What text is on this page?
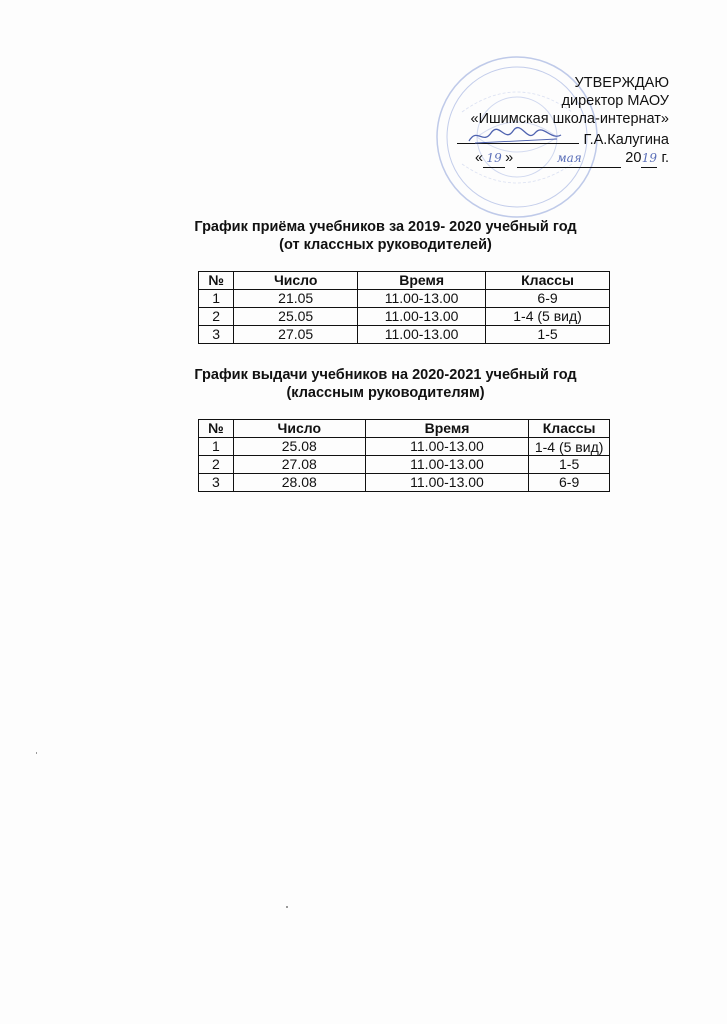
УТВЕРЖДАЮ
директор МАОУ
«Ишимская школа-интернат»
Г.А.Калугина
« 19 »	мая	2019 г.
График приёма учебников за 2019- 2020 учебный год
(от классных руководителей)
№	Число	Время	Классы
1	21.05	11.00-13.00	6-9
2	25.05	11.00-13.00	1-4 (5 вид)
3	27.05	11.00-13.00	1-5
График выдачи учебников на 2020-2021 учебный год
(классным руководителям)
№	Число	Время	Классы
1	25.08	11.00-13.00	1-4 (5 вид)
2	27.08	11.00-13.00	1-5
3	28.08	11.00-13.00	6-9
